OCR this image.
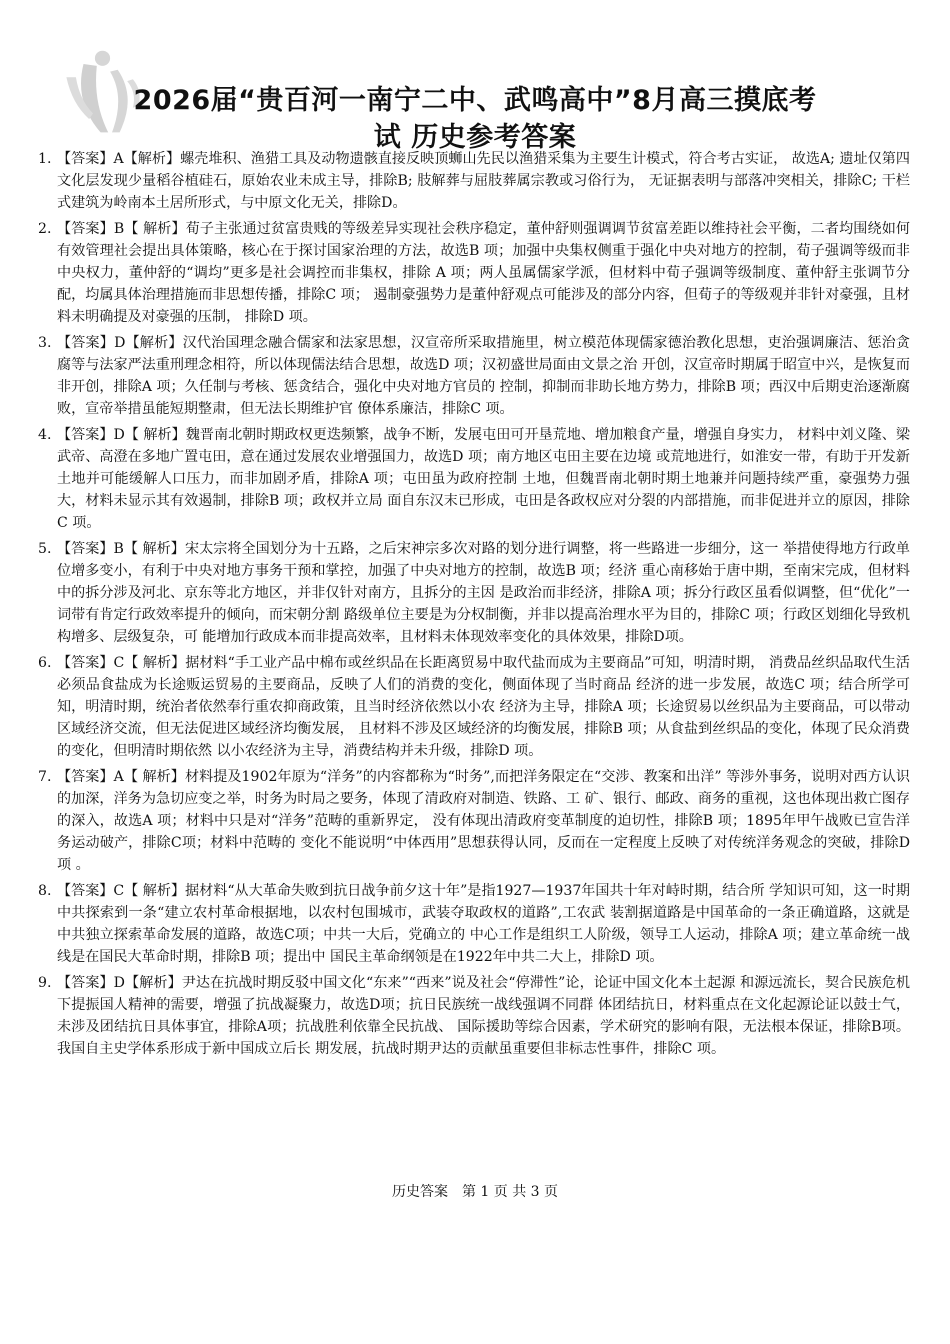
2026届“贵百河一南宁二中、武鸣高中”8月高三摸底考
试 历史参考答案
1. 【答案】A【解析】螺壳堆积、渔猎工具及动物遗骸直接反映顶蛳山先民以渔猎采集为主要生计模式，符合考古实证， 故选A; 遗址仅第四文化层发现少量稻谷植硅石，原始农业未成主导，排除B; 肢解葬与屈肢葬属宗教或习俗行为， 无证据表明与部落冲突相关，排除C; 干栏式建筑为岭南本土居所形式，与中原文化无关，排除D。
2. 【答案】B【 解析】荀子主张通过贫富贵贱的等级差异实现社会秩序稳定，董仲舒则强调调节贫富差距以维持社会平衡，二者均围绕如何有效管理社会提出具体策略，核心在于探讨国家治理的方法，故选B 项；加强中央集权侧重于强化中央对地方的控制，荀子强调等级而非中央权力，董仲舒的“调均”更多是社会调控而非集权，排除 A 项；两人虽属儒家学派，但材料中荀子强调等级制度、董仲舒主张调节分配，均属具体治理措施而非思想传播，排除C 项； 遏制豪强势力是董仲舒观点可能涉及的部分内容，但荀子的等级观并非针对豪强，且材料未明确提及对豪强的压制， 排除D 项。
3. 【答案】D【解析】汉代治国理念融合儒家和法家思想，汉宣帝所采取措施里，树立模范体现儒家德治教化思想，吏治强调廉洁、惩治贪腐等与法家严法重刑理念相符，所以体现儒法结合思想，故选D 项；汉初盛世局面由文景之治 开创，汉宣帝时期属于昭宣中兴，是恢复而非开创，排除A 项；久任制与考核、惩贪结合，强化中央对地方官员的 控制，抑制而非助长地方势力，排除B 项；西汉中后期吏治逐渐腐败，宣帝举措虽能短期整肃，但无法长期维护官 僚体系廉洁，排除C 项。
4. 【答案】D【 解析】魏晋南北朝时期政权更迭频繁，战争不断，发展屯田可开垦荒地、增加粮食产量，增强自身实力， 材料中刘义隆、梁武帝、高澄在多地广置屯田，意在通过发展农业增强国力，故选D 项；南方地区屯田主要在边境 或荒地进行，如淮安一带，有助于开发新土地并可能缓解人口压力，而非加剧矛盾，排除A 项；屯田虽为政府控制 土地，但魏晋南北朝时期土地兼并问题持续严重，豪强势力强大，材料未显示其有效遏制，排除B 项；政权并立局 面自东汉末已形成，屯田是各政权应对分裂的内部措施，而非促进并立的原因，排除C 项。
5. 【答案】B【 解析】宋太宗将全国划分为十五路，之后宋神宗多次对路的划分进行调整，将一些路进一步细分，这一 举措使得地方行政单位增多变小，有利于中央对地方事务干预和掌控，加强了中央对地方的控制，故选B 项；经济 重心南移始于唐中期，至南宋完成，但材料中的拆分涉及河北、京东等北方地区，并非仅针对南方，且拆分的主因 是政治而非经济，排除A 项；拆分行政区虽看似调整，但“优化”一词带有肯定行政效率提升的倾向，而宋朝分割 路级单位主要是为分权制衡，并非以提高治理水平为目的，排除C 项；行政区划细化导致机构增多、层级复杂，可 能增加行政成本而非提高效率，且材料未体现效率变化的具体效果，排除D项。
6. 【答案】C【 解析】据材料“手工业产品中棉布或丝织品在长距离贸易中取代盐而成为主要商品”可知，明清时期， 消费品丝织品取代生活必须品食盐成为长途贩运贸易的主要商品，反映了人们的消费的变化，侧面体现了当时商品 经济的进一步发展，故选C 项；结合所学可知，明清时期，统治者依然奉行重农抑商政策，且当时经济依然以小农 经济为主导，排除A 项；长途贸易以丝织品为主要商品，可以带动区域经济交流，但无法促进区域经济均衡发展， 且材料不涉及区域经济的均衡发展，排除B 项；从食盐到丝织品的变化，体现了民众消费的变化，但明清时期依然 以小农经济为主导，消费结构并未升级，排除D 项。
7. 【答案】A【 解析】材料提及1902年原为“洋务”的内容都称为“时务”,而把洋务限定在“交涉、教案和出洋” 等涉外事务，说明对西方认识的加深，洋务为急切应变之举，时务为时局之要务，体现了清政府对制造、铁路、工 矿、银行、邮政、商务的重视，这也体现出救亡图存的深入，故选A 项；材料中只是对“洋务”范畴的重新界定， 没有体现出清政府变革制度的迫切性，排除B 项；1895年甲午战败已宣告洋务运动破产，排除C项；材料中范畴的 变化不能说明“中体西用”思想获得认同，反而在一定程度上反映了对传统洋务观念的突破，排除D 项 。
8. 【答案】C【 解析】据材料“从大革命失败到抗日战争前夕这十年”是指1927—1937年国共十年对峙时期，结合所 学知识可知，这一时期中共探索到一条“建立农村革命根据地，以农村包围城市，武装夺取政权的道路”,工农武 装割据道路是中国革命的一条正确道路，这就是中共独立探索革命发展的道路，故选C项；中共一大后，党确立的 中心工作是组织工人阶级，领导工人运动，排除A 项；建立革命统一战线是在国民大革命时期，排除B 项；提出中 国民主革命纲领是在1922年中共二大上，排除D 项。
9. 【答案】D【解析】尹达在抗战时期反驳中国文化“东来”“西来”说及社会“停滞性”论，论证中国文化本土起源 和源远流长，契合民族危机下提振国人精神的需要，增强了抗战凝聚力，故选D项；抗日民族统一战线强调不同群 体团结抗日，材料重点在文化起源论证以鼓士气，未涉及团结抗日具体事宜，排除A项；抗战胜利依靠全民抗战、 国际援助等综合因素，学术研究的影响有限，无法根本保证，排除B项。我国自主史学体系形成于新中国成立后长 期发展，抗战时期尹达的贡献虽重要但非标志性事件，排除C 项。
历史答案　第 1 页 共 3 页
